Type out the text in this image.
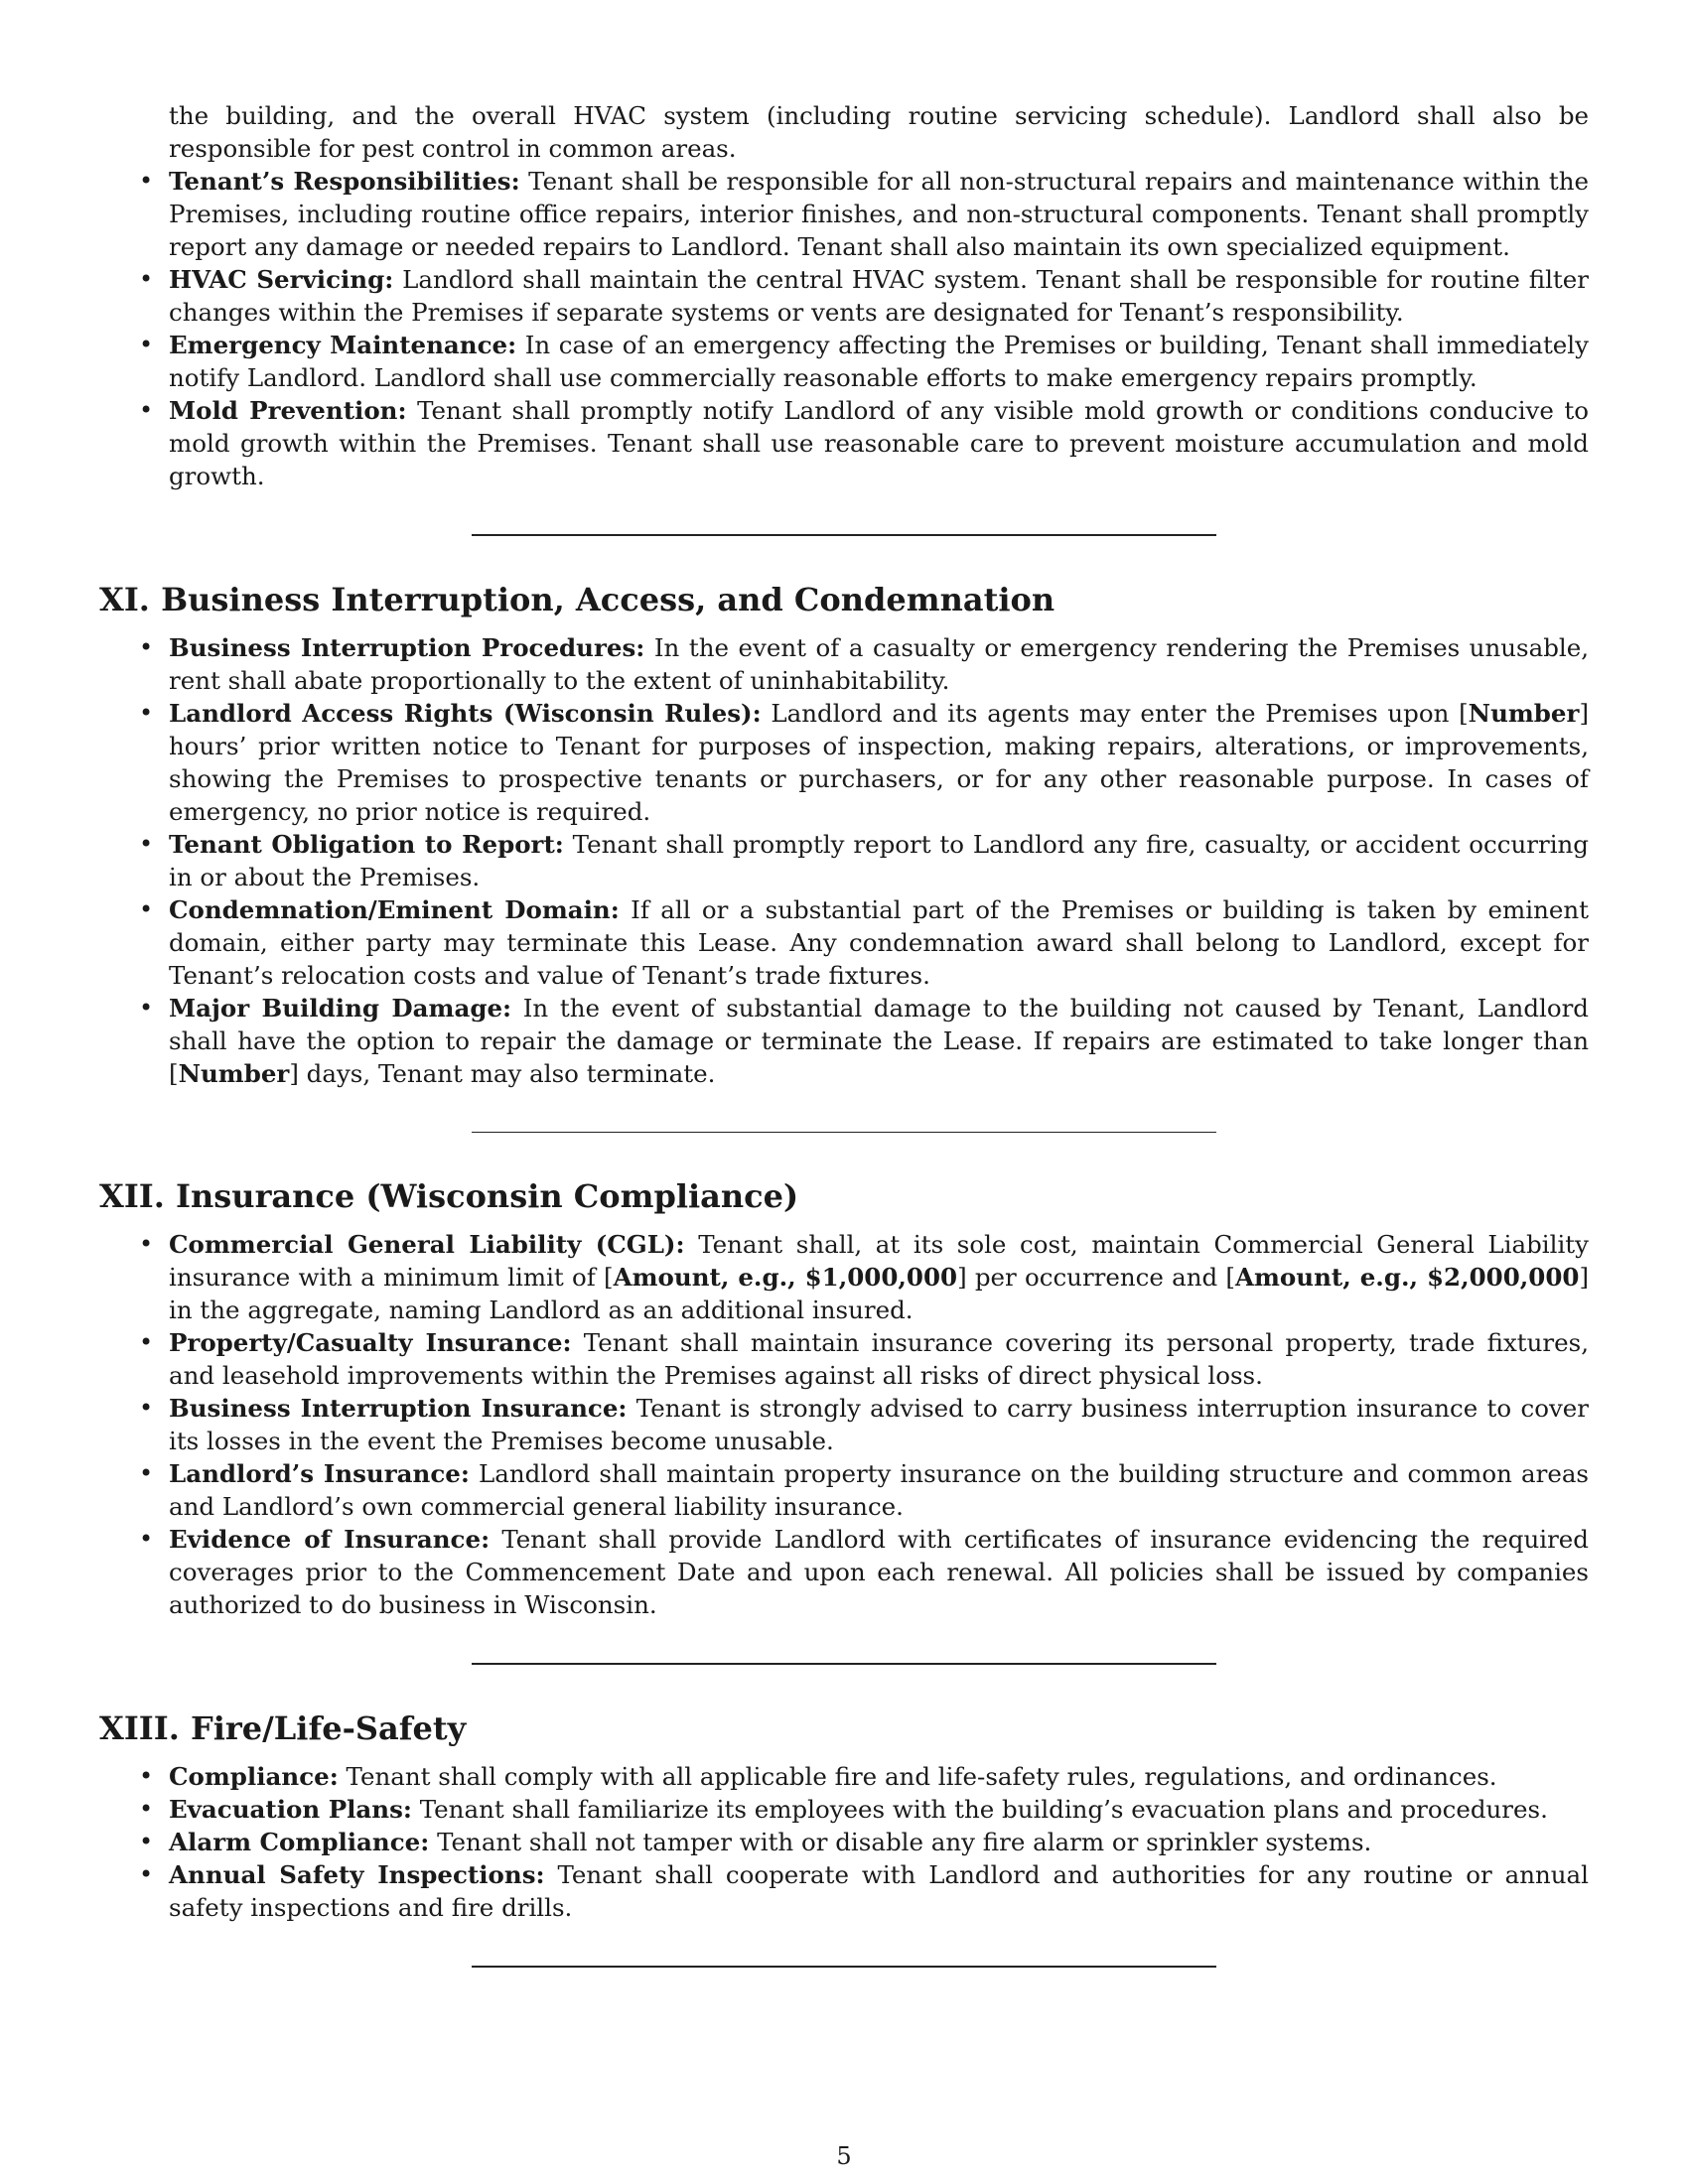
the building, and the overall HVAC system (including routine servicing schedule). Landlord shall also be responsible for pest control in common areas.

• Tenant’s Responsibilities: Tenant shall be responsible for all non-structural repairs and maintenance within the Premises, including routine office repairs, interior finishes, and non-structural components. Tenant shall promptly report any damage or needed repairs to Landlord. Tenant shall also maintain its own specialized equipment.
• HVAC Servicing: Landlord shall maintain the central HVAC system. Tenant shall be responsible for routine filter changes within the Premises if separate systems or vents are designated for Tenant’s responsibility.
• Emergency Maintenance: In case of an emergency affecting the Premises or building, Tenant shall immediately notify Landlord. Landlord shall use commercially reasonable efforts to make emergency repairs promptly.
• Mold Prevention: Tenant shall promptly notify Landlord of any visible mold growth or conditions conducive to mold growth within the Premises. Tenant shall use reasonable care to prevent moisture accumulation and mold growth.
XI. Business Interruption, Access, and Condemnation
• Business Interruption Procedures: In the event of a casualty or emergency rendering the Premises unusable, rent shall abate proportionally to the extent of uninhabitability.
• Landlord Access Rights (Wisconsin Rules): Landlord and its agents may enter the Premises upon [Number] hours’ prior written notice to Tenant for purposes of inspection, making repairs, alterations, or improvements, showing the Premises to prospective tenants or purchasers, or for any other reasonable purpose. In cases of emergency, no prior notice is required.
• Tenant Obligation to Report: Tenant shall promptly report to Landlord any fire, casualty, or accident occurring in or about the Premises.
• Condemnation/Eminent Domain: If all or a substantial part of the Premises or building is taken by eminent domain, either party may terminate this Lease. Any condemnation award shall belong to Landlord, except for Tenant’s relocation costs and value of Tenant’s trade fixtures.
• Major Building Damage: In the event of substantial damage to the building not caused by Tenant, Landlord shall have the option to repair the damage or terminate the Lease. If repairs are estimated to take longer than [Number] days, Tenant may also terminate.
XII. Insurance (Wisconsin Compliance)
• Commercial General Liability (CGL): Tenant shall, at its sole cost, maintain Commercial General Liability insurance with a minimum limit of [Amount, e.g., $1,000,000] per occurrence and [Amount, e.g., $2,000,000] in the aggregate, naming Landlord as an additional insured.
• Property/Casualty Insurance: Tenant shall maintain insurance covering its personal property, trade fixtures, and leasehold improvements within the Premises against all risks of direct physical loss.
• Business Interruption Insurance: Tenant is strongly advised to carry business interruption insurance to cover its losses in the event the Premises become unusable.
• Landlord’s Insurance: Landlord shall maintain property insurance on the building structure and common areas and Landlord’s own commercial general liability insurance.
• Evidence of Insurance: Tenant shall provide Landlord with certificates of insurance evidencing the required coverages prior to the Commencement Date and upon each renewal. All policies shall be issued by companies authorized to do business in Wisconsin.
XIII. Fire/Life-Safety
• Compliance: Tenant shall comply with all applicable fire and life-safety rules, regulations, and ordinances.
• Evacuation Plans: Tenant shall familiarize its employees with the building’s evacuation plans and procedures.
• Alarm Compliance: Tenant shall not tamper with or disable any fire alarm or sprinkler systems.
• Annual Safety Inspections: Tenant shall cooperate with Landlord and authorities for any routine or annual safety inspections and fire drills.
5
